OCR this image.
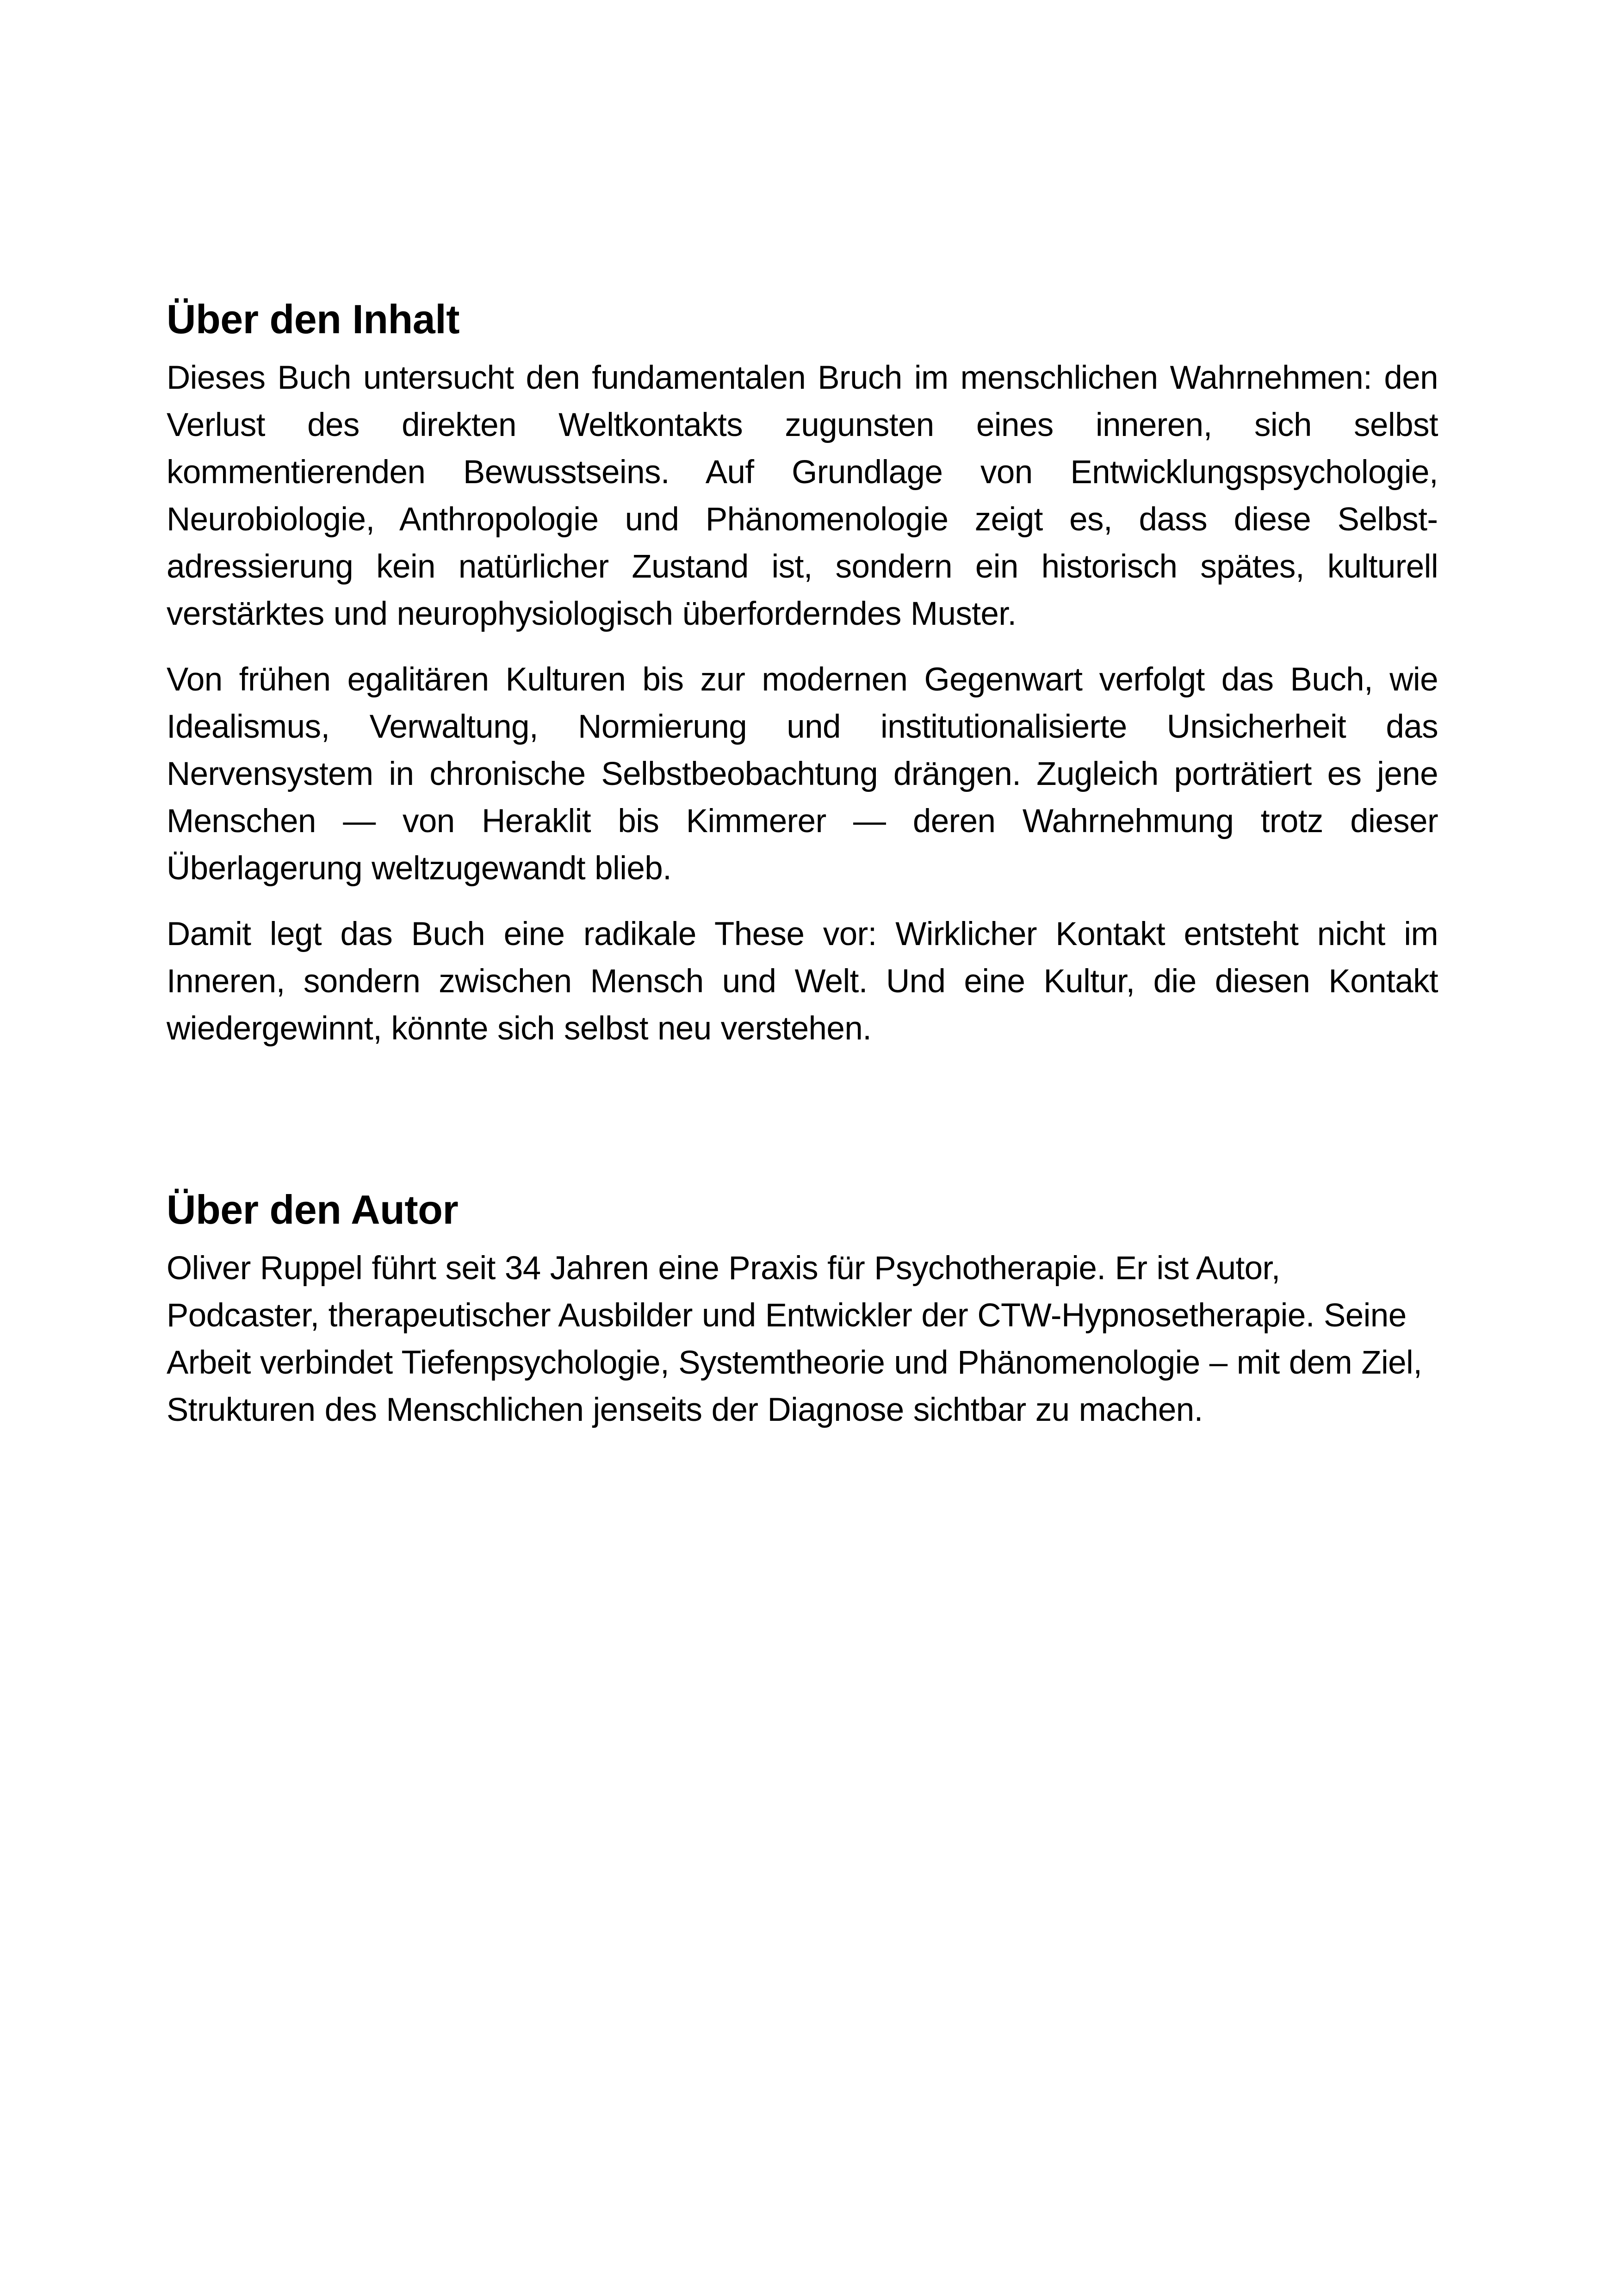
Über den Inhalt

Dieses Buch untersucht den fundamentalen Bruch im menschlichen Wahrnehmen: den Verlust des direkten Weltkontakts zugunsten eines inneren, sich selbst kommentierenden Bewusstseins. Auf Grundlage von Entwicklungspsychologie, Neurobiologie, Anthropologie und Phänomenologie zeigt es, dass diese Selbstadressierung kein natürlicher Zustand ist, sondern ein historisch spätes, kulturell verstärktes und neurophysiologisch überforderndes Muster.

Von frühen egalitären Kulturen bis zur modernen Gegenwart verfolgt das Buch, wie Idealismus, Verwaltung, Normierung und institutionalisierte Unsicherheit das Nervensystem in chronische Selbstbeobachtung drängen. Zugleich porträtiert es jene Menschen — von Heraklit bis Kimmerer — deren Wahrnehmung trotz dieser Überlagerung weltzugewandt blieb.

Damit legt das Buch eine radikale These vor: Wirklicher Kontakt entsteht nicht im Inneren, sondern zwischen Mensch und Welt. Und eine Kultur, die diesen Kontakt wiedergewinnt, könnte sich selbst neu verstehen.

Über den Autor

Oliver Ruppel führt seit 34 Jahren eine Praxis für Psychotherapie. Er ist Autor, Podcaster, therapeutischer Ausbilder und Entwickler der CTW-Hypnosetherapie. Seine Arbeit verbindet Tiefenpsychologie, Systemtheorie und Phänomenologie – mit dem Ziel, Strukturen des Menschlichen jenseits der Diagnose sichtbar zu machen.
